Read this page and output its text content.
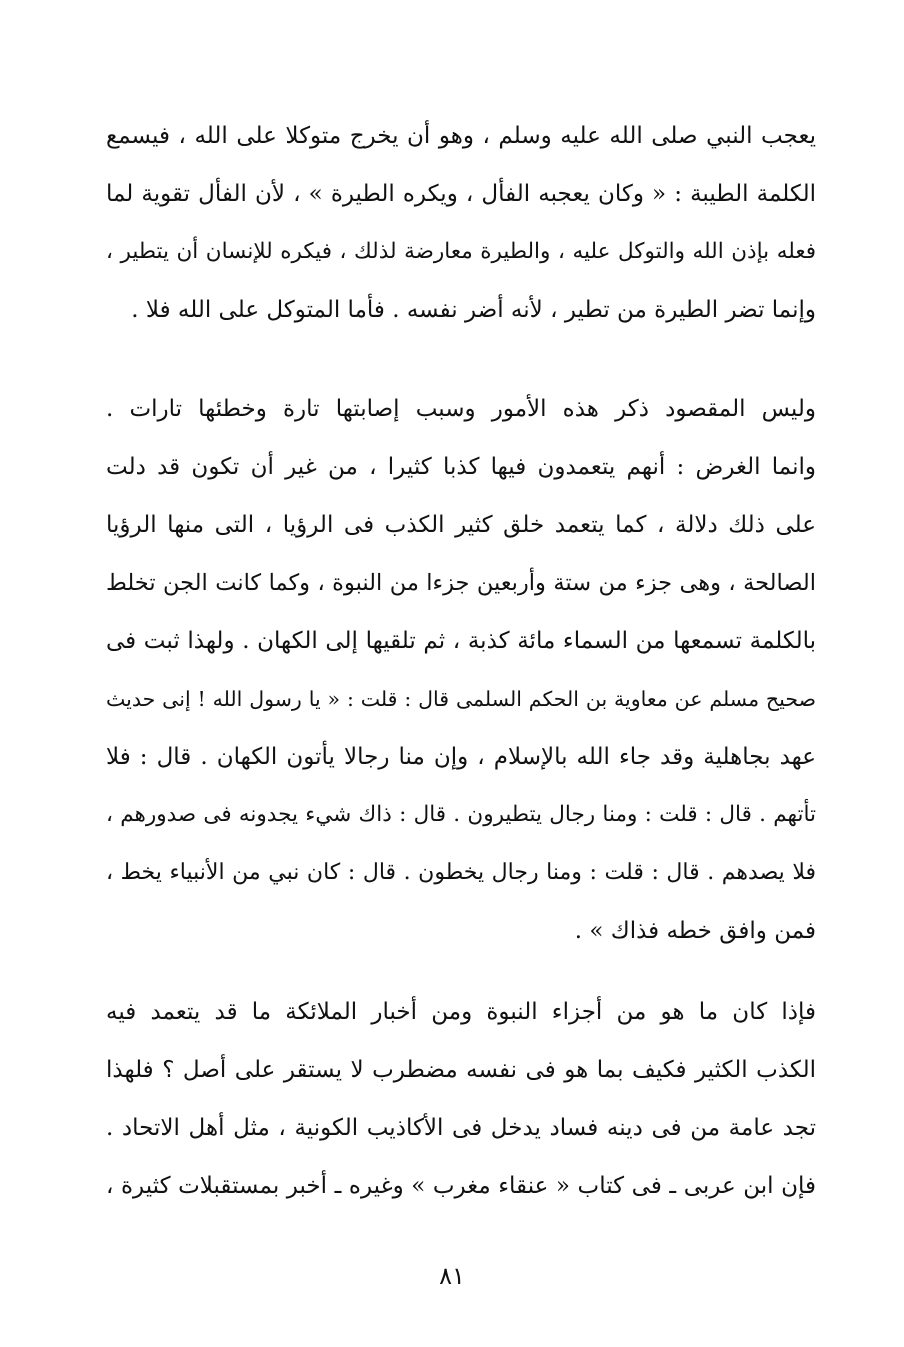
يعجب النبي صلى الله عليه وسلم ، وهو أن يخرج متوكلا على الله ، فيسمع
الكلمة الطيبة : « وكان يعجبه الفأل ، ويكره الطيرة » ، لأن الفأل تقوية لما
فعله بإذن الله والتوكل عليه ، والطيرة معارضة لذلك ، فيكره للإنسان أن يتطير ،
وإنما تضر الطيرة من تطير ، لأنه أضر نفسه . فأما المتوكل على الله فلا .
وليس المقصود ذكر هذه الأمور وسبب إصابتها تارة وخطئها تارات .
وانما الغرض : أنهم يتعمدون فيها كذبا كثيرا ، من غير أن تكون قد دلت
على ذلك دلالة ، كما يتعمد خلق كثير الكذب فى الرؤيا ، التى منها الرؤيا
الصالحة ، وهى جزء من ستة وأربعين جزءا من النبوة ، وكما كانت الجن تخلط
بالكلمة تسمعها من السماء مائة كذبة ، ثم تلقيها إلى الكهان . ولهذا ثبت فى
صحيح مسلم عن معاوية بن الحكم السلمى قال : قلت : « يا رسول الله ! إنى حديث
عهد بجاهلية وقد جاء الله بالإسلام ، وإن منا رجالا يأتون الكهان . قال : فلا
تأتهم . قال : قلت : ومنا رجال يتطيرون . قال : ذاك شيء يجدونه فى صدورهم ،
فلا يصدهم . قال : قلت : ومنا رجال يخطون . قال : كان نبي من الأنبياء يخط ،
فمن وافق خطه فذاك » .
فإذا كان ما هو من أجزاء النبوة ومن أخبار الملائكة ما قد يتعمد فيه
الكذب الكثير فكيف بما هو فى نفسه مضطرب لا يستقر على أصل ؟ فلهذا
تجد عامة من فى دينه فساد يدخل فى الأكاذيب الكونية ، مثل أهل الاتحاد .
فإن ابن عربى ـ فى كتاب « عنقاء مغرب » وغيره ـ أخبر بمستقبلات كثيرة ،
٨١
